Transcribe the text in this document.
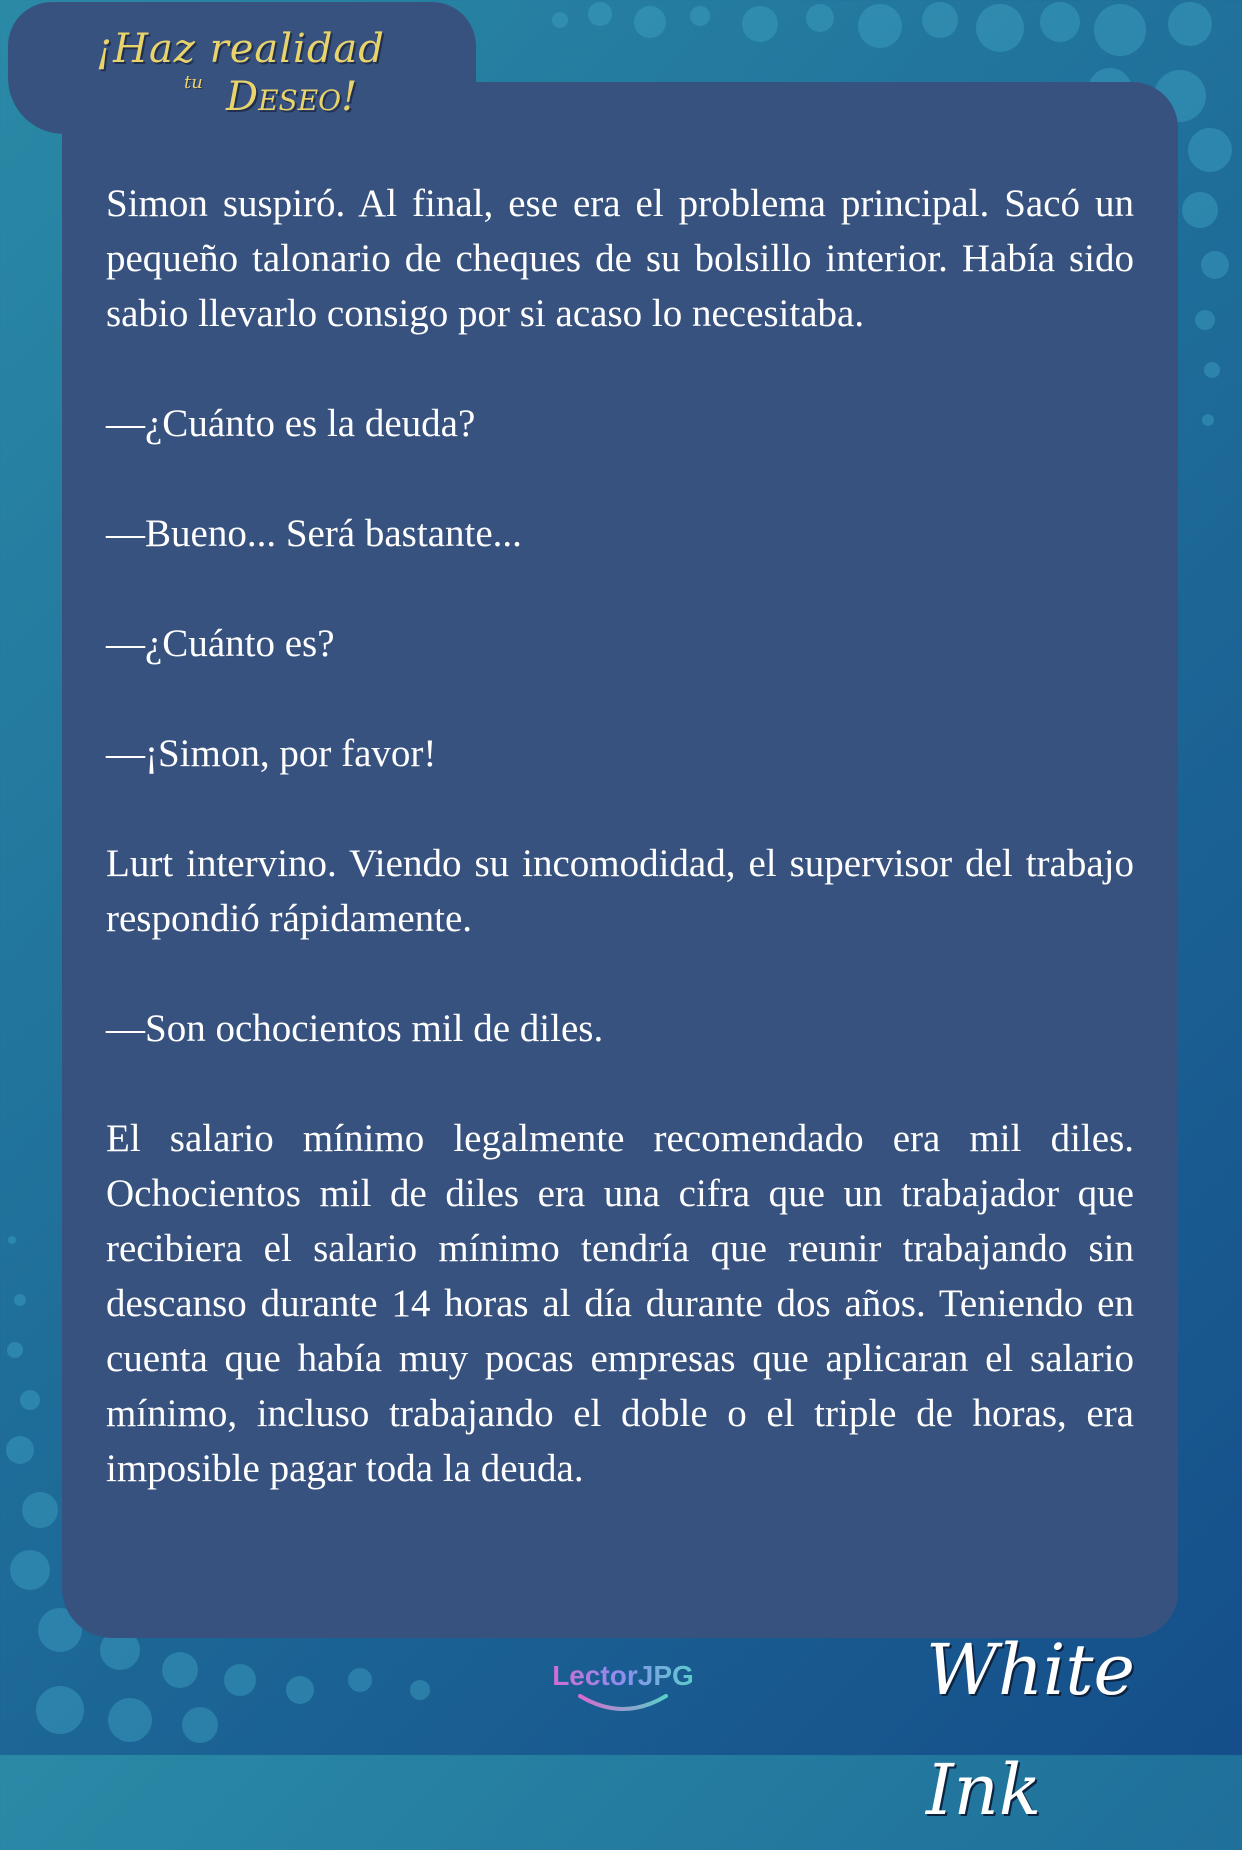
¡Haz realidad
tu Deseo!

Simon suspiró. Al final, ese era el problema principal. Sacó un pequeño talonario de cheques de su bolsillo interior. Había sido sabio llevarlo consigo por si acaso lo necesitaba.

—¿Cuánto es la deuda?

—Bueno... Será bastante...

—¿Cuánto es?

—¡Simon, por favor!

Lurt intervino. Viendo su incomodidad, el supervisor del trabajo respondió rápidamente.

—Son ochocientos mil de diles.

El salario mínimo legalmente recomendado era mil diles. Ochocientos mil de diles era una cifra que un trabajador que recibiera el salario mínimo tendría que reunir trabajando sin descanso durante 14 horas al día durante dos años. Teniendo en cuenta que había muy pocas empresas que aplicaran el salario mínimo, incluso trabajando el doble o el triple de horas, era imposible pagar toda la deuda.

LectorJPG	White Ink
